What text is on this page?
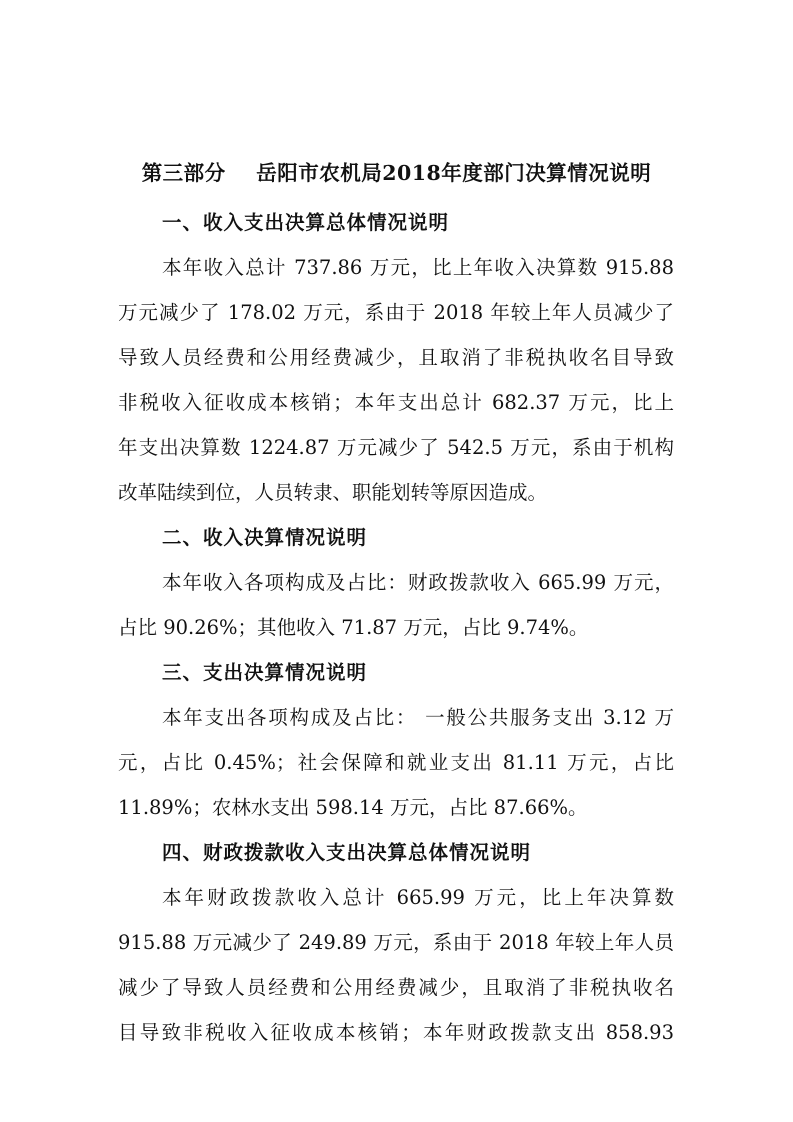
第三部分    岳阳市农机局2018年度部门决算情况说明
一、收入支出决算总体情况说明
本年收入总计 737.86 万元，比上年收入决算数 915.88
万元减少了 178.02 万元，系由于 2018 年较上年人员减少了
导致人员经费和公用经费减少，且取消了非税执收名目导致
非税收入征收成本核销；本年支出总计 682.37 万元，比上
年支出决算数 1224.87 万元减少了 542.5 万元，系由于机构
改革陆续到位，人员转隶、职能划转等原因造成。
二、收入决算情况说明
本年收入各项构成及占比：财政拨款收入 665.99 万元，
占比 90.26%；其他收入 71.87 万元，占比 9.74%。
三、支出决算情况说明
本年支出各项构成及占比： 一般公共服务支出 3.12 万
元，占比 0.45%；社会保障和就业支出 81.11 万元，占比
11.89%；农林水支出 598.14 万元，占比 87.66%。
四、财政拨款收入支出决算总体情况说明
本年财政拨款收入总计 665.99 万元，比上年决算数
915.88 万元减少了 249.89 万元，系由于 2018 年较上年人员
减少了导致人员经费和公用经费减少，且取消了非税执收名
目导致非税收入征收成本核销；本年财政拨款支出 858.93
